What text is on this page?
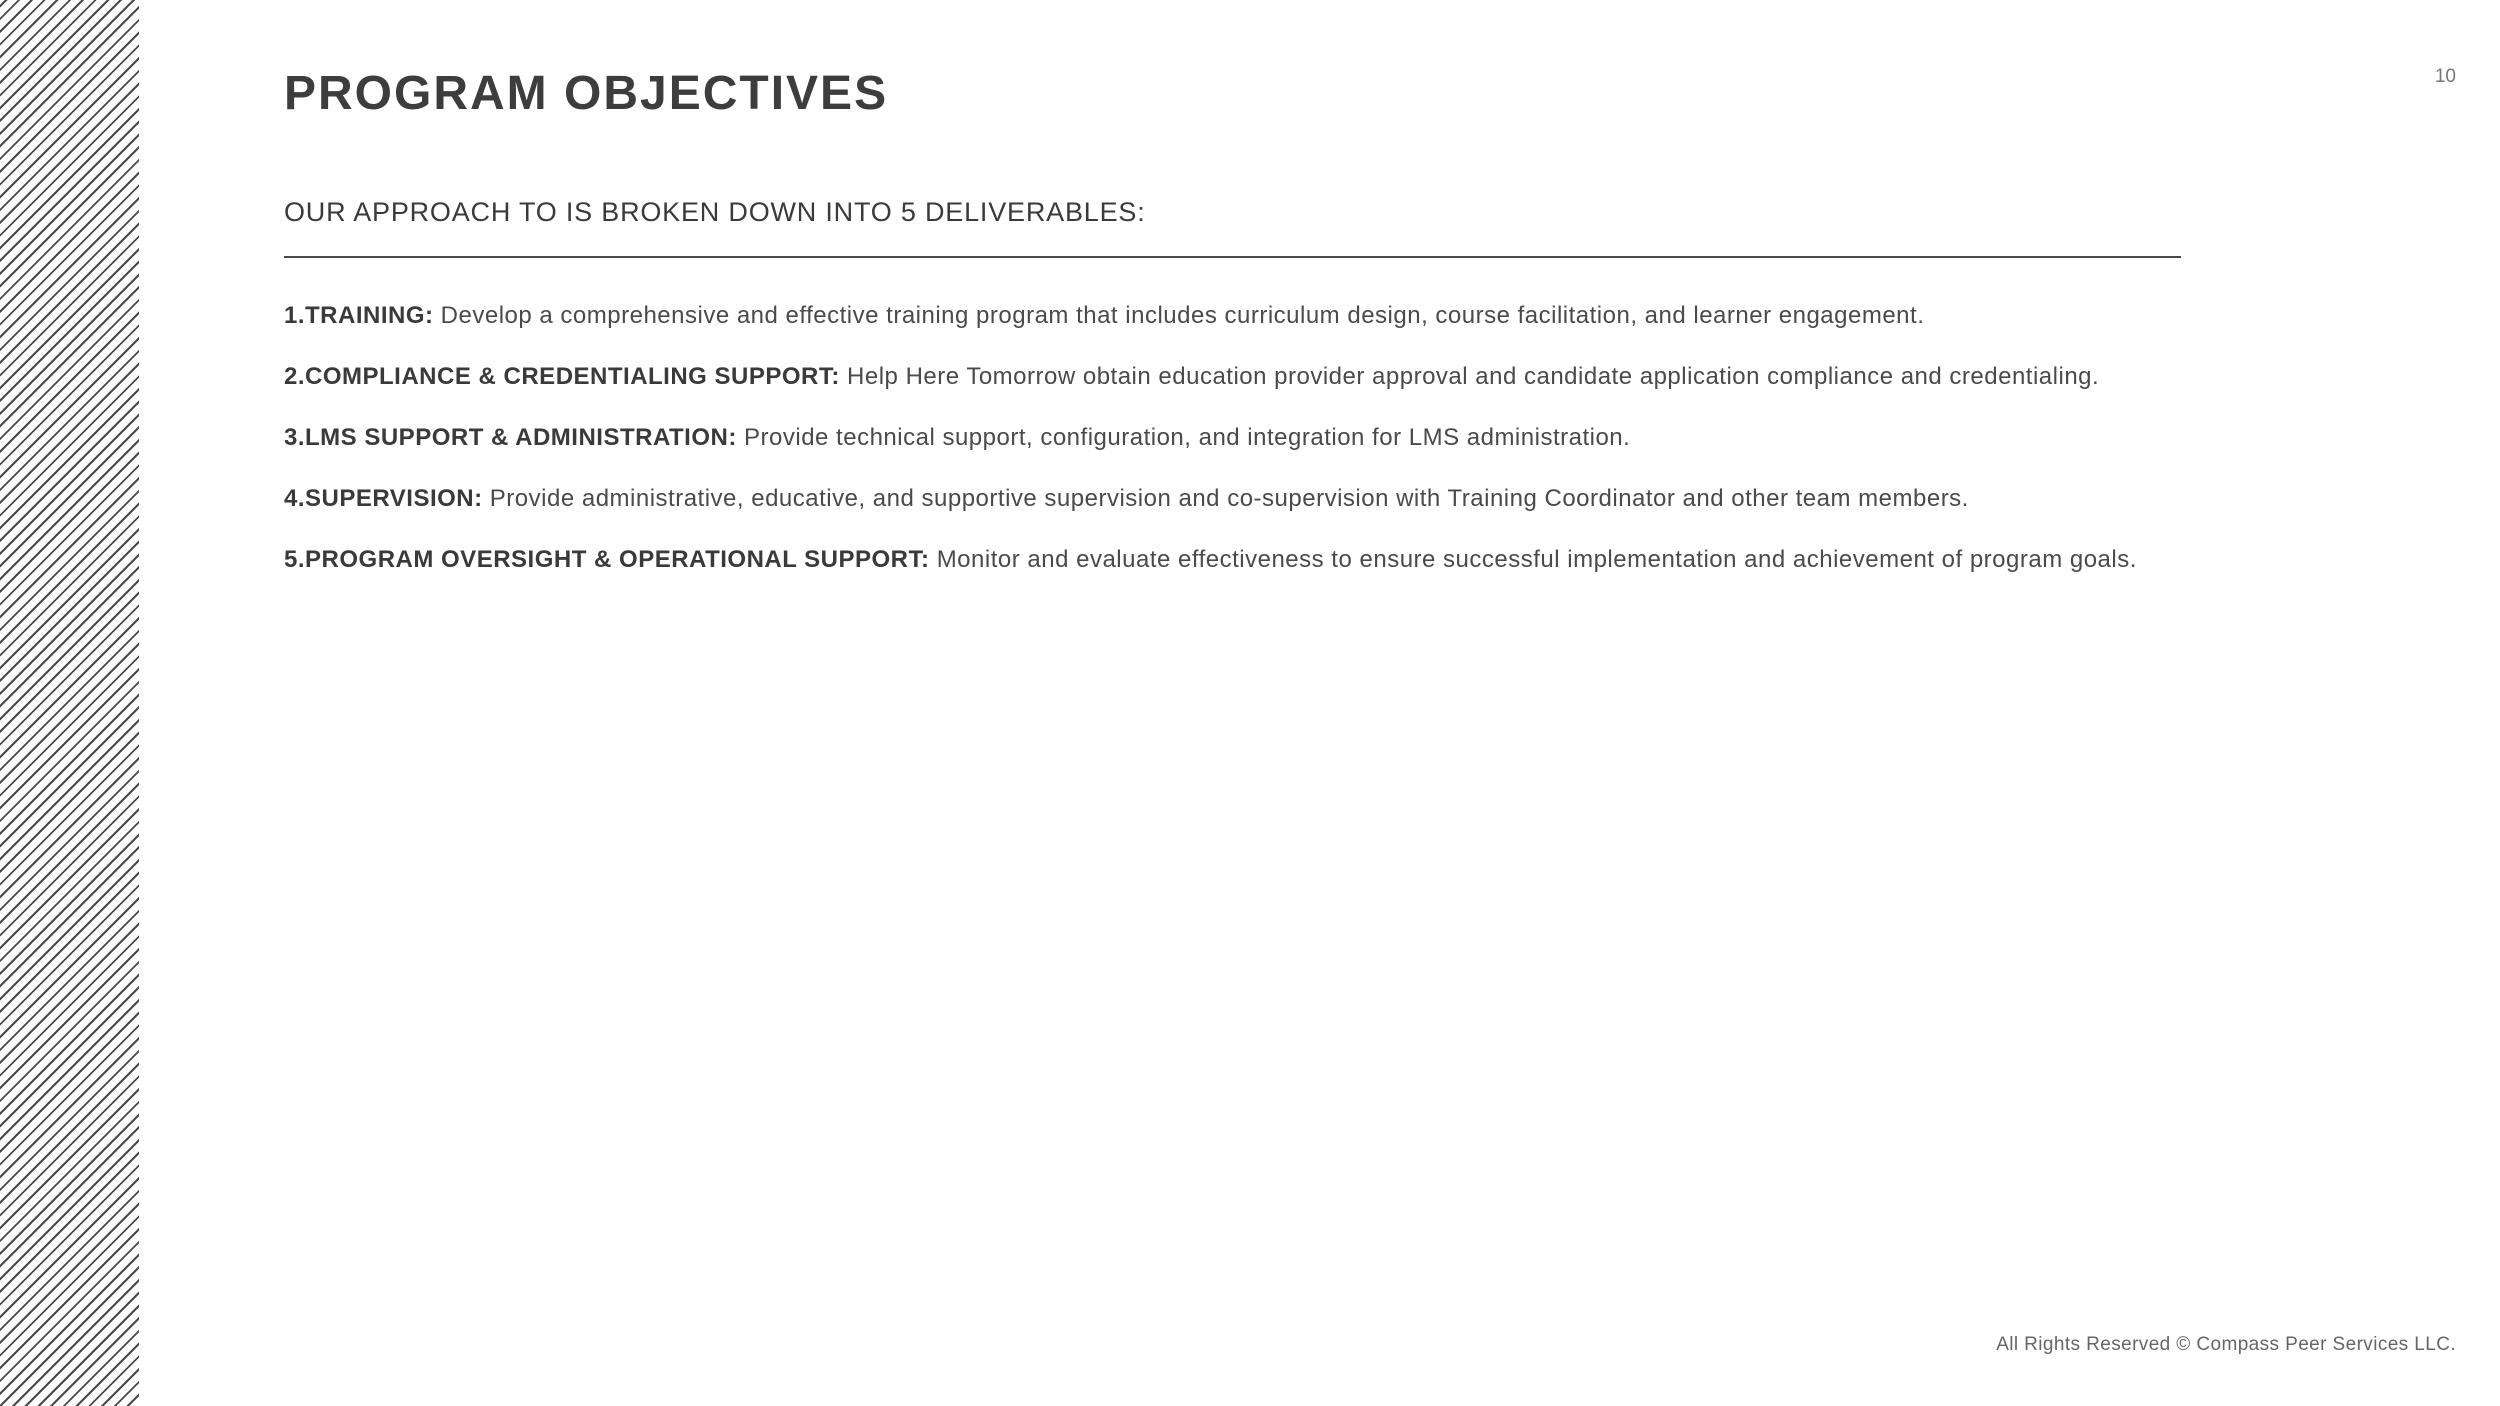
PROGRAM OBJECTIVES	10
OUR APPROACH TO IS BROKEN DOWN INTO 5 DELIVERABLES:
1.TRAINING: Develop a comprehensive and effective training program that includes curriculum design, course facilitation, and learner engagement.
2.COMPLIANCE & CREDENTIALING SUPPORT: Help Here Tomorrow obtain education provider approval and candidate application compliance and credentialing.
3.LMS SUPPORT & ADMINISTRATION: Provide technical support, configuration, and integration for LMS administration.
4.SUPERVISION: Provide administrative, educative, and supportive supervision and co-supervision with Training Coordinator and other team members.
5.PROGRAM OVERSIGHT & OPERATIONAL SUPPORT: Monitor and evaluate effectiveness to ensure successful implementation and achievement of program goals.
All Rights Reserved © Compass Peer Services LLC.
